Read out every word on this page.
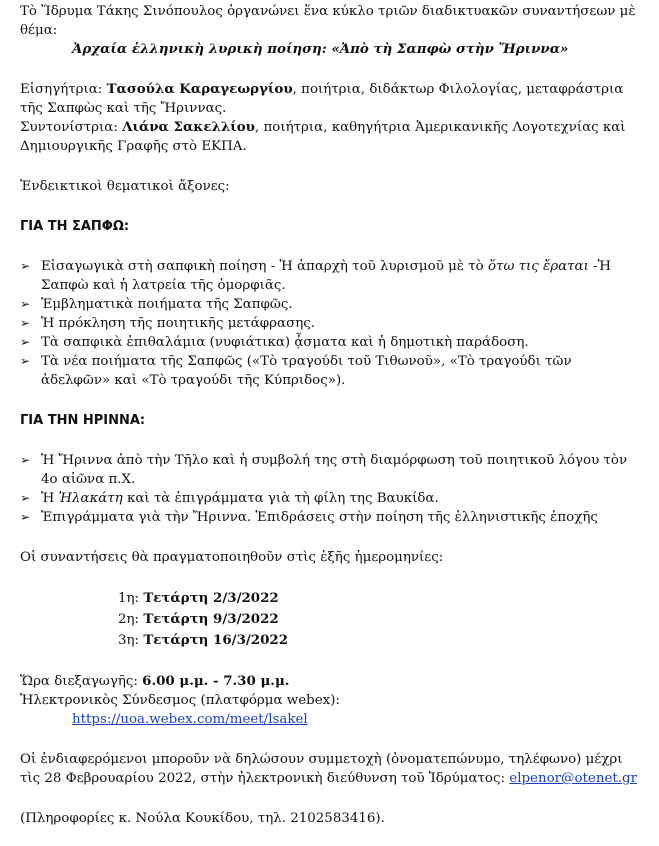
Τὸ Ἵδρυμα Τάκης Σινόπουλος ὀργανώνει ἕνα κύκλο τριῶν διαδικτυακῶν συναντήσεων μὲ

θέμα:

Ἀρχαία ἑλληνικὴ λυρικὴ ποίηση: «Ἀπὸ τὴ Σαπφὼ στὴν Ἤριννα»

Εἰσηγήτρια: Τασούλα Καραγεωργίου, ποιήτρια, διδάκτωρ Φιλολογίας, μεταφράστρια

τῆς Σαπφὼς καὶ τῆς Ἤριννας.

Συντονίστρια: Λιάνα Σακελλίου, ποιήτρια, καθηγήτρια Ἀμερικανικῆς Λογοτεχνίας καὶ

Δημιουργικῆς Γραφῆς στὸ ΕΚΠΑ.

Ἐνδεικτικοὶ θεματικοὶ ἄξονες:

ΓΙΑ ΤΗ ΣΑΠΦΩ:

➢ Εἰσαγωγικὰ στὴ σαπφικὴ ποίηση - Ἡ ἀπαρχὴ τοῦ λυρισμοῦ μὲ τὸ ὅτω τις ἔραται -Ἡ
Σαπφὼ καὶ ἡ λατρεία τῆς ὁμορφιᾶς.
➢ Ἐμβληματικὰ ποιήματα τῆς Σαπφῶς.
➢ Ἡ πρόκληση τῆς ποιητικῆς μετάφρασης.
➢ Τὰ σαπφικὰ ἐπιθαλάμια (νυφιάτικα) ᾆσματα καὶ ἡ δημοτικὴ παράδοση.
➢ Τὰ νέα ποιήματα τῆς Σαπφῶς («Τὸ τραγούδι τοῦ Τιθωνοῦ», «Τὸ τραγούδι τῶν
ἀδελφῶν» καὶ «Τὸ τραγούδι τῆς Κύπριδος»).

ΓΙΑ ΤΗΝ ΗΡΙΝΝΑ:

➢ Ἡ Ἤριννα ἀπὸ τὴν Τῆλο καὶ ἡ συμβολή της στὴ διαμόρφωση τοῦ ποιητικοῦ λόγου τὸν
4ο αἰῶνα π.Χ.
➢ Ἡ Ἠλακάτη καὶ τὰ ἐπιγράμματα γιὰ τὴ φίλη της Βαυκίδα.
➢ Ἐπιγράμματα γιὰ τὴν Ἤριννα. Ἐπιδράσεις στὴν ποίηση τῆς ἑλληνιστικῆς ἐποχῆς

Οἱ συναντήσεις θὰ πραγματοποιηθοῦν στὶς ἑξῆς ἡμερομηνίες:

1η: Τετάρτη 2/3/2022

2η: Τετάρτη 9/3/2022

3η: Τετάρτη 16/3/2022

Ὥρα διεξαγωγῆς: 6.00 μ.μ. - 7.30 μ.μ.

Ἠλεκτρονικὸς Σύνδεσμος (πλατφόρμα webex):

https://uoa.webex.com/meet/lsakel

Οἱ ἐνδιαφερόμενοι μποροῦν νὰ δηλώσουν συμμετοχὴ (ὀνοματεπώνυμο, τηλέφωνο) μέχρι

τὶς 28 Φεβρουαρίου 2022, στὴν ἠλεκτρονικὴ διεύθυνση τοῦ Ἱδρύματος: elpenor@otenet.gr

(Πληροφορίες κ. Νούλα Κουκίδου, τηλ. 2102583416).
